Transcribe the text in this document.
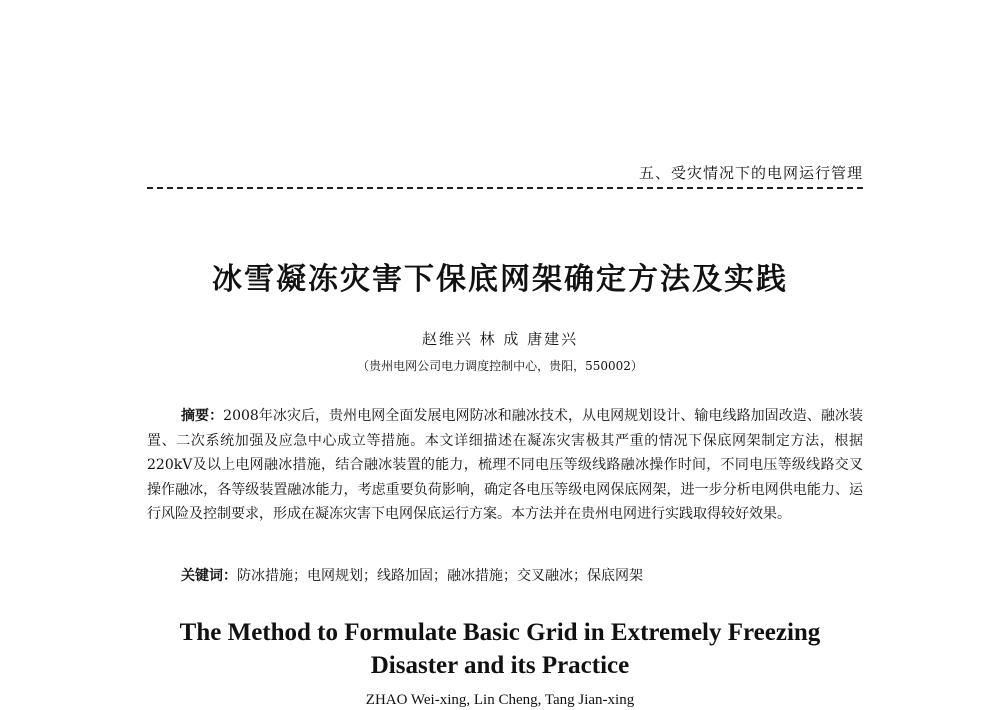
五、受灾情况下的电网运行管理
冰雪凝冻灾害下保底网架确定方法及实践
赵维兴 林 成 唐建兴
（贵州电网公司电力调度控制中心，贵阳，550002）

摘要：2008年冰灾后，贵州电网全面发展电网防冰和融冰技术，从电网规划设计、输电线路加固改造、融冰装置、二次系统加强及应急中心成立等措施。本文详细描述在凝冻灾害极其严重的情况下保底网架制定方法，根据220kV及以上电网融冰措施，结合融冰装置的能力，梳理不同电压等级线路融冰操作时间，不同电压等级线路交叉操作融冰，各等级装置融冰能力，考虑重要负荷影响，确定各电压等级电网保底网架，进一步分析电网供电能力、运行风险及控制要求，形成在凝冻灾害下电网保底运行方案。本方法并在贵州电网进行实践取得较好效果。

关键词：防冰措施；电网规划；线路加固；融冰措施；交叉融冰；保底网架

The Method to Formulate Basic Grid in Extremely Freezing
Disaster and its Practice
ZHAO Wei-xing, Lin Cheng, Tang Jian-xing
